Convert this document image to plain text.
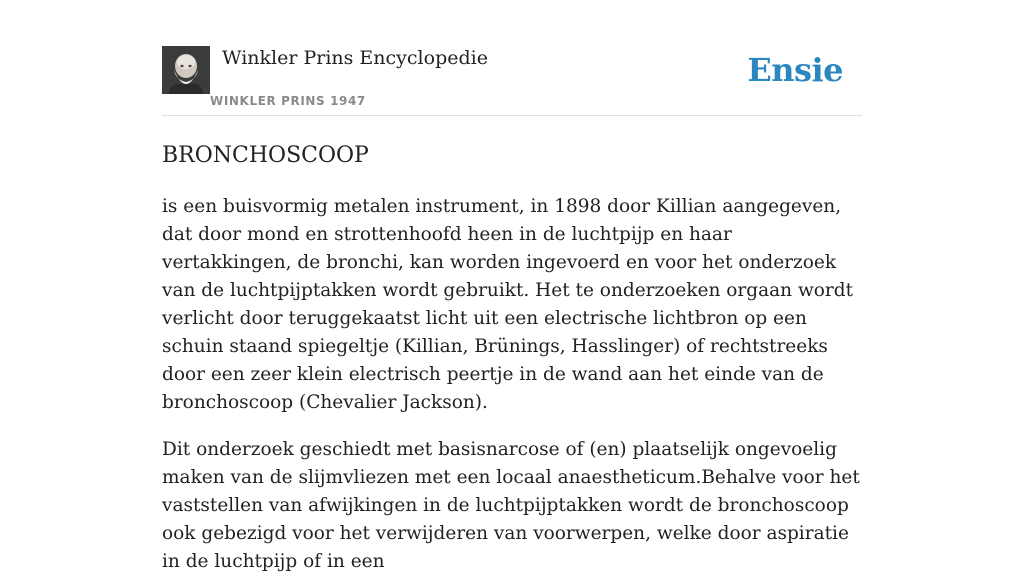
Winkler Prins Encyclopedie
WINKLER PRINS 1947
Ensie
BRONCHOSCOOP

is een buisvormig metalen instrument, in 1898 door Killian aangegeven, dat door mond en strottenhoofd heen in de luchtpijp en haar vertakkingen, de bronchi, kan worden ingevoerd en voor het onderzoek van de luchtpijptakken wordt gebruikt. Het te onderzoeken orgaan wordt verlicht door teruggekaatst licht uit een electrische lichtbron op een schuin staand spiegeltje (Killian, Brünings, Hasslinger) of rechtstreeks door een zeer klein electrisch peertje in de wand aan het einde van de bronchoscoop (Chevalier Jackson).

Dit onderzoek geschiedt met basisnarcose of (en) plaatselijk ongevoelig maken van de slijmvliezen met een locaal anaestheticum.Behalve voor het vaststellen van afwijkingen in de luchtpijptakken wordt de bronchoscoop ook gebezigd voor het verwijderen van voorwerpen, welke door aspiratie in de luchtpijp of in een
